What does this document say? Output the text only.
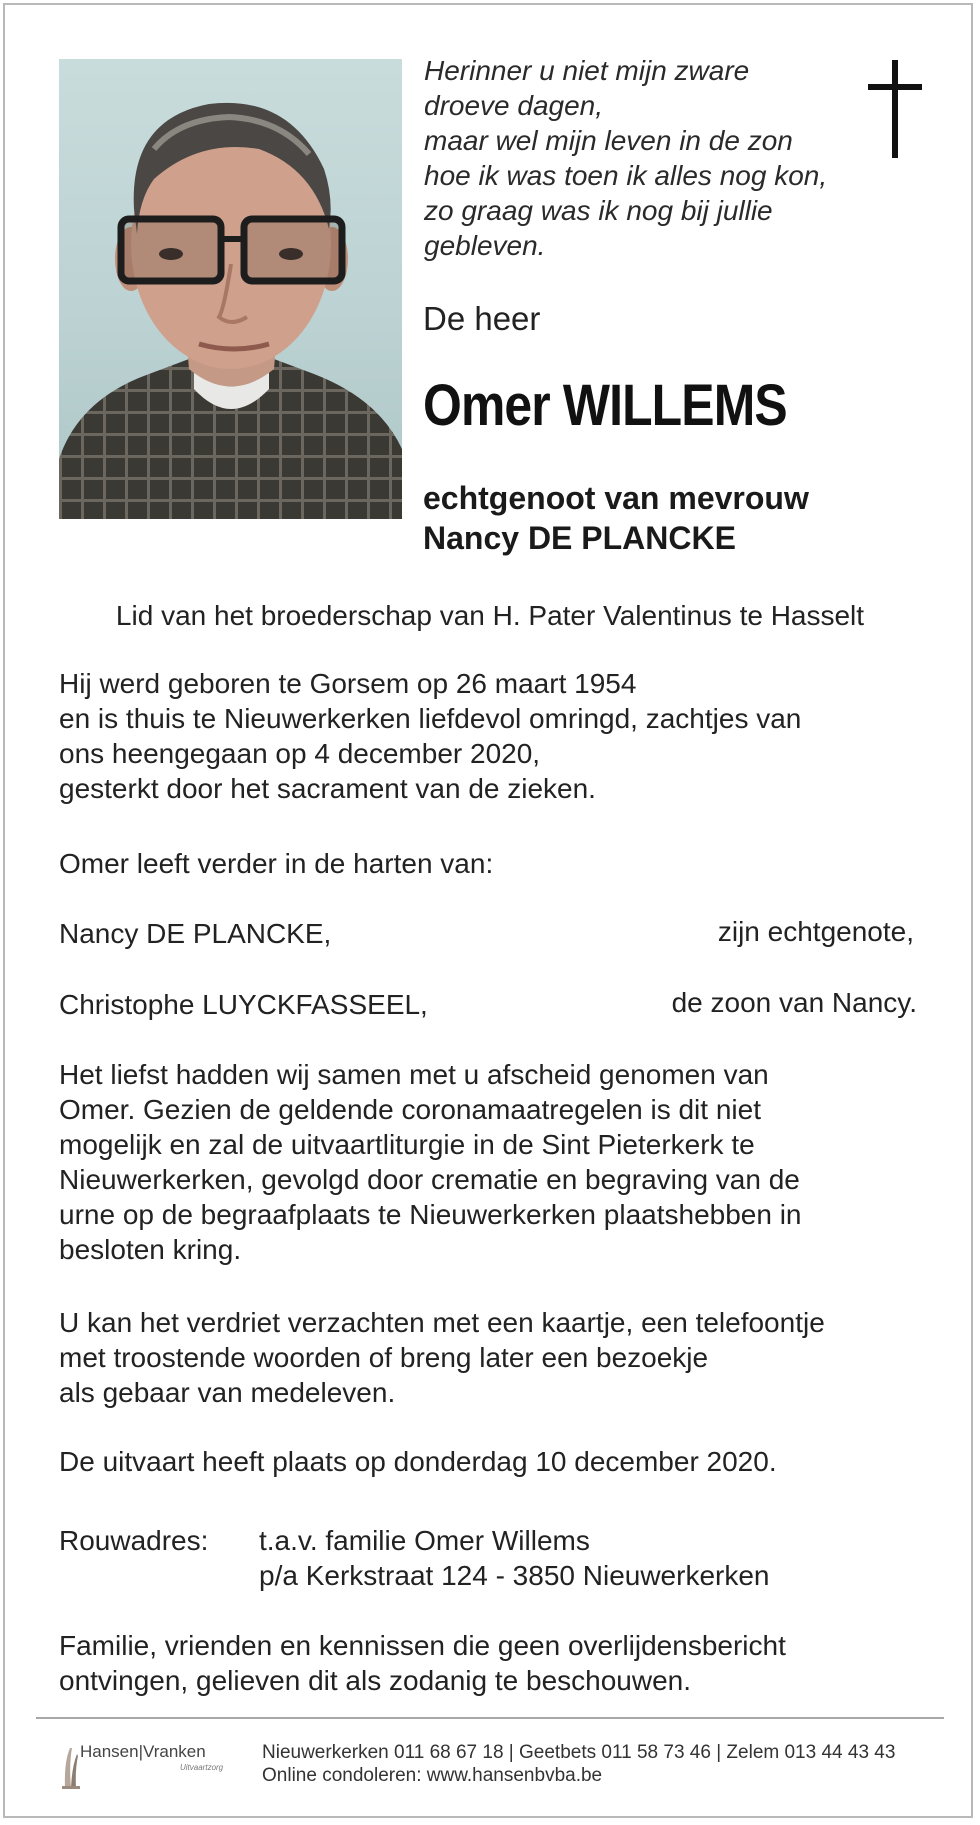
Herinner u niet mijn zware
droeve dagen,
maar wel mijn leven in de zon
hoe ik was toen ik alles nog kon,
zo graag was ik nog bij jullie
gebleven.
De heer
Omer WILLEMS
echtgenoot van mevrouw
Nancy DE PLANCKE
Lid van het broederschap van H. Pater Valentinus te Hasselt
Hij werd geboren te Gorsem op 26 maart 1954
en is thuis te Nieuwerkerken liefdevol omringd, zachtjes van
ons heengegaan op 4 december 2020,
gesterkt door het sacrament van de zieken.
Omer leeft verder in de harten van:
Nancy DE PLANCKE,	zijn echtgenote,
Christophe LUYCKFASSEEL,	de zoon van Nancy.
Het liefst hadden wij samen met u afscheid genomen van
Omer. Gezien de geldende coronamaatregelen is dit niet
mogelijk en zal de uitvaartliturgie in de Sint Pieterkerk te
Nieuwerkerken, gevolgd door crematie en begraving van de
urne op de begraafplaats te Nieuwerkerken plaatshebben in
besloten kring.
U kan het verdriet verzachten met een kaartje, een telefoontje
met troostende woorden of breng later een bezoekje
als gebaar van medeleven.
De uitvaart heeft plaats op donderdag 10 december 2020.
Rouwadres: t.a.v. familie Omer Willems
p/a Kerkstraat 124 - 3850 Nieuwerkerken
Familie, vrienden en kennissen die geen overlijdensbericht
ontvingen, gelieven dit als zodanig te beschouwen.
Hansen|Vranken
Uitvaartzorg
Nieuwerkerken 011 68 67 18 | Geetbets 011 58 73 46 | Zelem 013 44 43 43
Online condoleren: www.hansenbvba.be
